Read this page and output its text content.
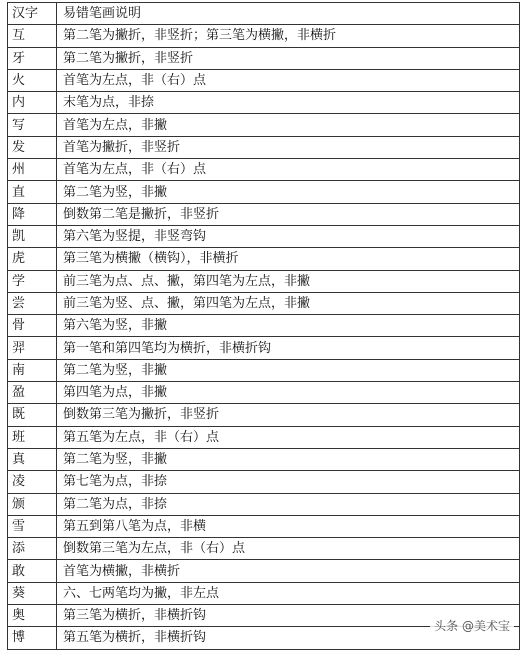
汉字	易错笔画说明
互	第二笔为撇折，非竖折；第三笔为横撇，非横折
牙	第二笔为撇折，非竖折
火	首笔为左点，非（右）点
内	末笔为点，非捺
写	首笔为左点，非撇
发	首笔为撇折，非竖折
州	首笔为左点，非（右）点
直	第二笔为竖，非撇
降	倒数第二笔是撇折，非竖折
凯	第六笔为竖提，非竖弯钩
虎	第三笔为横撇（横钩），非横折
学	前三笔为点、点、撇，第四笔为左点，非撇
尝	前三笔为竖、点、撇，第四笔为左点，非撇
骨	第六笔为竖，非撇
羿	第一笔和第四笔均为横折，非横折钩
南	第二笔为竖，非撇
盈	第四笔为点，非撇
既	倒数第三笔为撇折，非竖折
班	第五笔为左点，非（右）点
真	第二笔为竖，非撇
凌	第七笔为点，非捺
颁	第二笔为点，非捺
雪	第五到第八笔为点，非横
添	倒数第三笔为左点，非（右）点
敢	首笔为横撇，非横折
葵	六、七两笔均为撇，非左点
奥	第三笔为横折，非横折钩
博	第五笔为横折，非横折钩
头条 @美术宝
